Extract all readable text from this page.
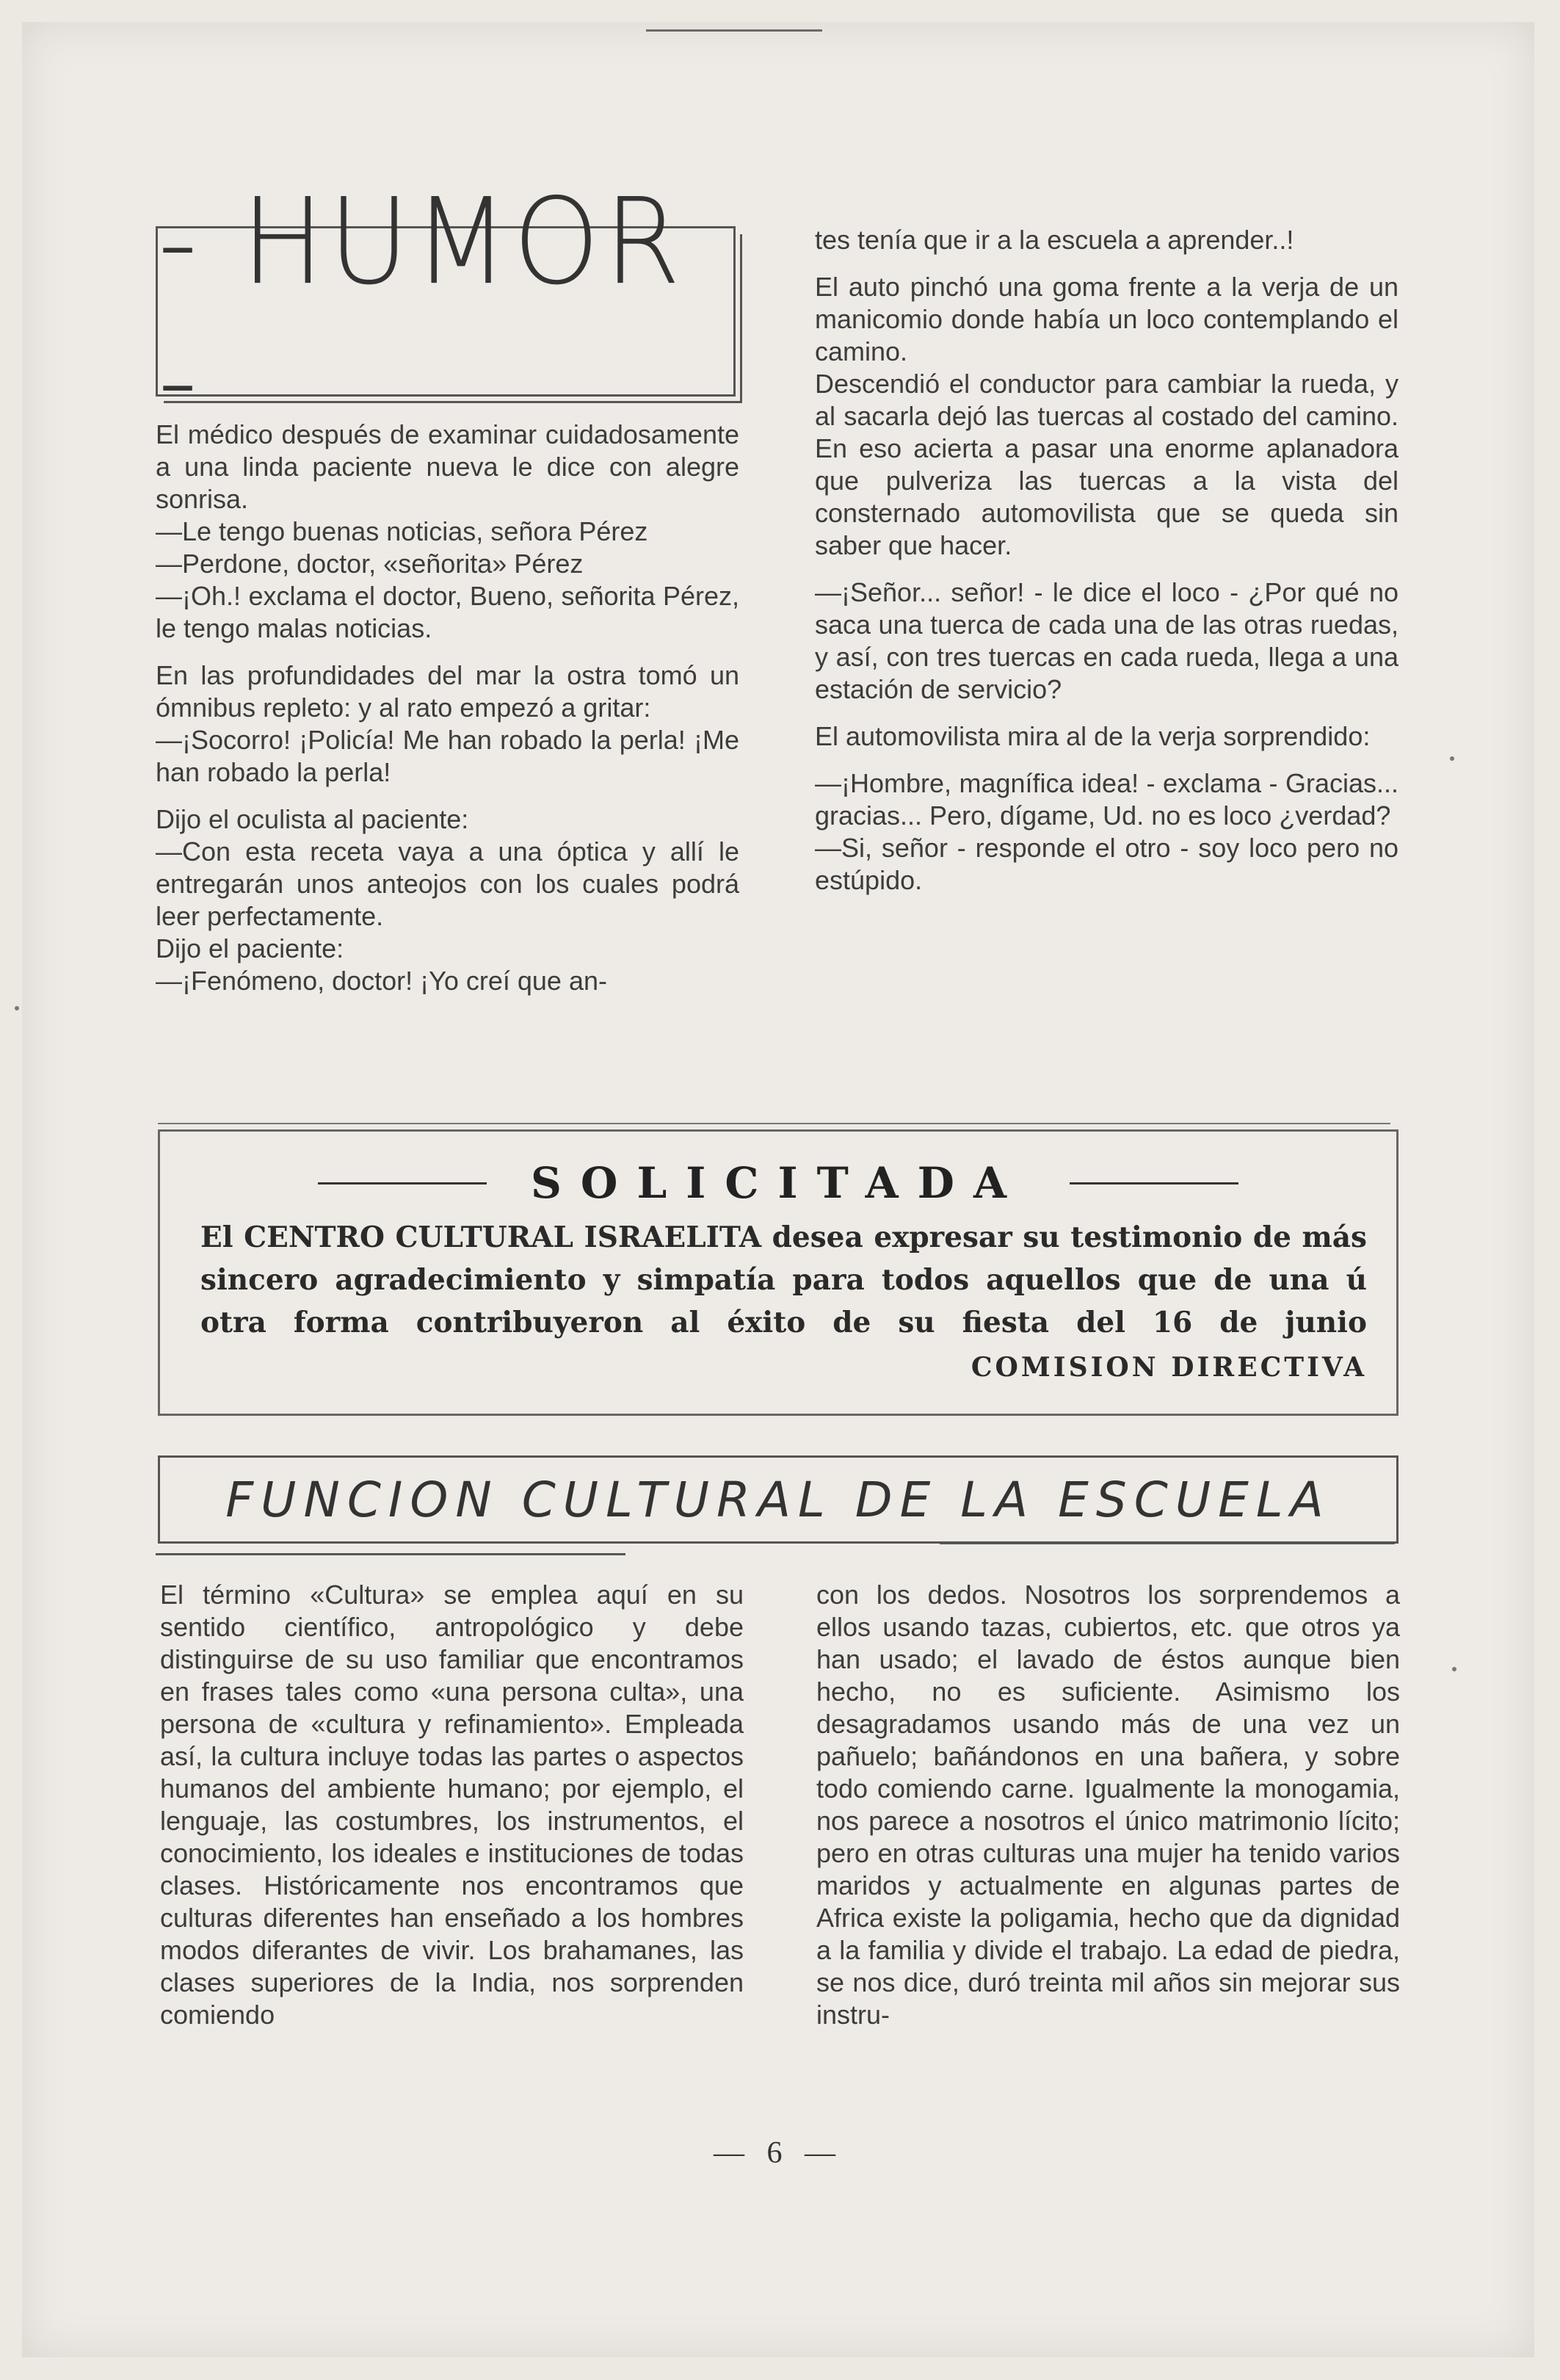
- HUMOR -

El médico después de examinar cuidadosamente a una linda paciente nueva le dice con alegre sonrisa.

—Le tengo buenas noticias, señora Pérez

—Perdone, doctor, «señorita» Pérez

—¡Oh.! exclama el doctor, Bueno, señorita Pérez, le tengo malas noticias.

En las profundidades del mar la ostra tomó un ómnibus repleto: y al rato empezó a gritar:

—¡Socorro! ¡Policía! Me han robado la perla! ¡Me han robado la perla!

Dijo el oculista al paciente:

—Con esta receta vaya a una óptica y allí le entregarán unos anteojos con los cuales podrá leer perfectamente.

Dijo el paciente:

—¡Fenómeno, doctor! ¡Yo creí que an-

tes tenía que ir a la escuela a aprender..!

El auto pinchó una goma frente a la verja de un manicomio donde había un loco contemplando el camino.

Descendió el conductor para cambiar la rueda, y al sacarla dejó las tuercas al costado del camino. En eso acierta a pasar una enorme aplanadora que pulveriza las tuercas a la vista del consternado automovilista que se queda sin saber que hacer.

—¡Señor... señor! - le dice el loco - ¿Por qué no saca una tuerca de cada una de las otras ruedas, y así, con tres tuercas en cada rueda, llega a una estación de servicio?

El automovilista mira al de la verja sorprendido:

—¡Hombre, magnífica idea! - exclama - Gracias... gracias... Pero, dígame, Ud. no es loco ¿verdad?

—Si, señor - responde el otro - soy loco pero no estúpido.

SOLICITADA
El CENTRO CULTURAL ISRAELITA desea expresar su testimonio de más sincero agradecimiento y simpatía para todos aquellos que de una ú otra forma contribuyeron al éxito de su fiesta del 16 de junio
COMISION DIRECTIVA
FUNCION CULTURAL DE LA ESCUELA

El término «Cultura» se emplea aquí en su sentido científico, antropológico y debe distinguirse de su uso familiar que encontramos en frases tales como «una persona culta», una persona de «cultura y refinamiento». Empleada así, la cultura incluye todas las partes o aspectos humanos del ambiente humano; por ejemplo, el lenguaje, las costumbres, los instrumentos, el conocimiento, los ideales e instituciones de todas clases. Históricamente nos encontramos que culturas diferentes han enseñado a los hombres modos diferantes de vivir. Los brahamanes, las clases superiores de la India, nos sorprenden comiendo

con los dedos. Nosotros los sorprendemos a ellos usando tazas, cubiertos, etc. que otros ya han usado; el lavado de éstos aunque bien hecho, no es suficiente. Asimismo los desagradamos usando más de una vez un pañuelo; bañándonos en una bañera, y sobre todo comiendo carne. Igualmente la monogamia, nos parece a nosotros el único matrimonio lícito; pero en otras culturas una mujer ha tenido varios maridos y actualmente en algunas partes de Africa existe la poligamia, hecho que da dignidad a la familia y divide el trabajo. La edad de piedra, se nos dice, duró treinta mil años sin mejorar sus instru-

— 6 —
